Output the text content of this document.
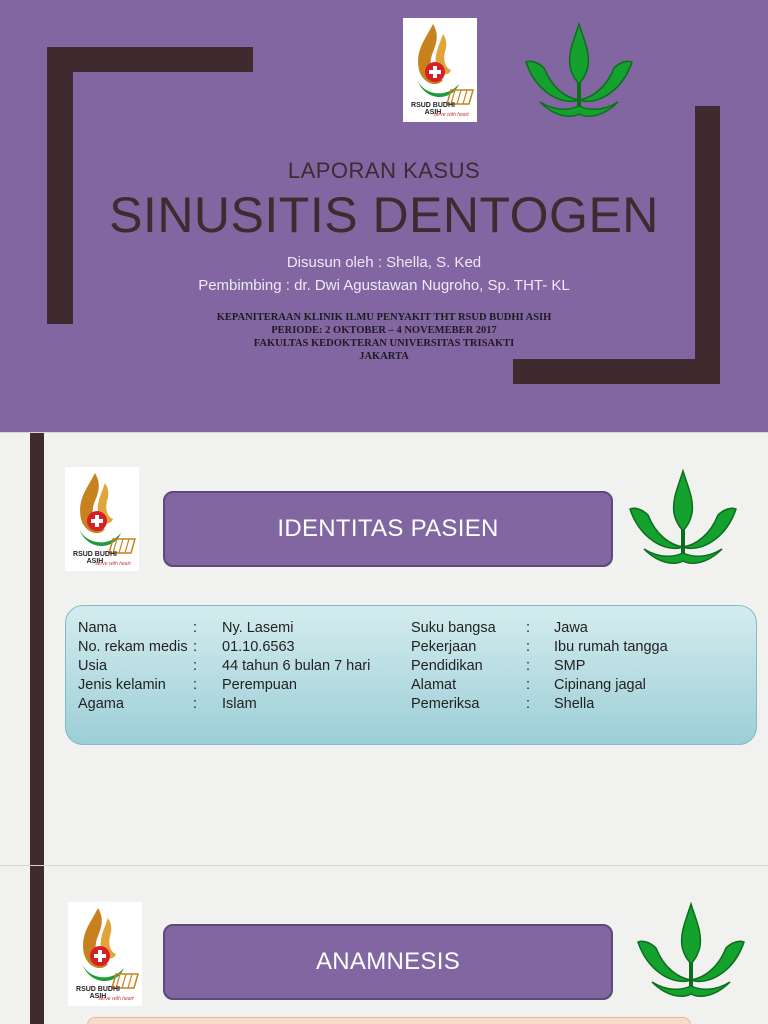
RSUD BUDHI ASIH
serve with heart
LAPORAN KASUS
SINUSITIS DENTOGEN
Disusun oleh : Shella, S. Ked
Pembimbing : dr. Dwi Agustawan Nugroho, Sp. THT- KL
KEPANITERAAN KLINIK ILMU PENYAKIT THT RSUD BUDHI ASIH
PERIODE: 2 OKTOBER – 4 NOVEMEBER 2017
FAKULTAS KEDOKTERAN UNIVERSITAS TRISAKTI
JAKARTA
RSUD BUDHI ASIH
serve with heart
IDENTITAS PASIEN
Nama	: Ny. Lasemi
No. rekam medis : 01.10.6563
Usia	: 44 tahun 6 bulan 7 hari
Jenis kelamin : Perempuan
Agama	: Islam
Suku bangsa : Jawa
Pekerjaan	: Ibu rumah tangga
Pendidikan	: SMP
Alamat	: Cipinang jagal
Pemeriksa	: Shella
RSUD BUDHI ASIH
serve with heart
ANAMNESIS
